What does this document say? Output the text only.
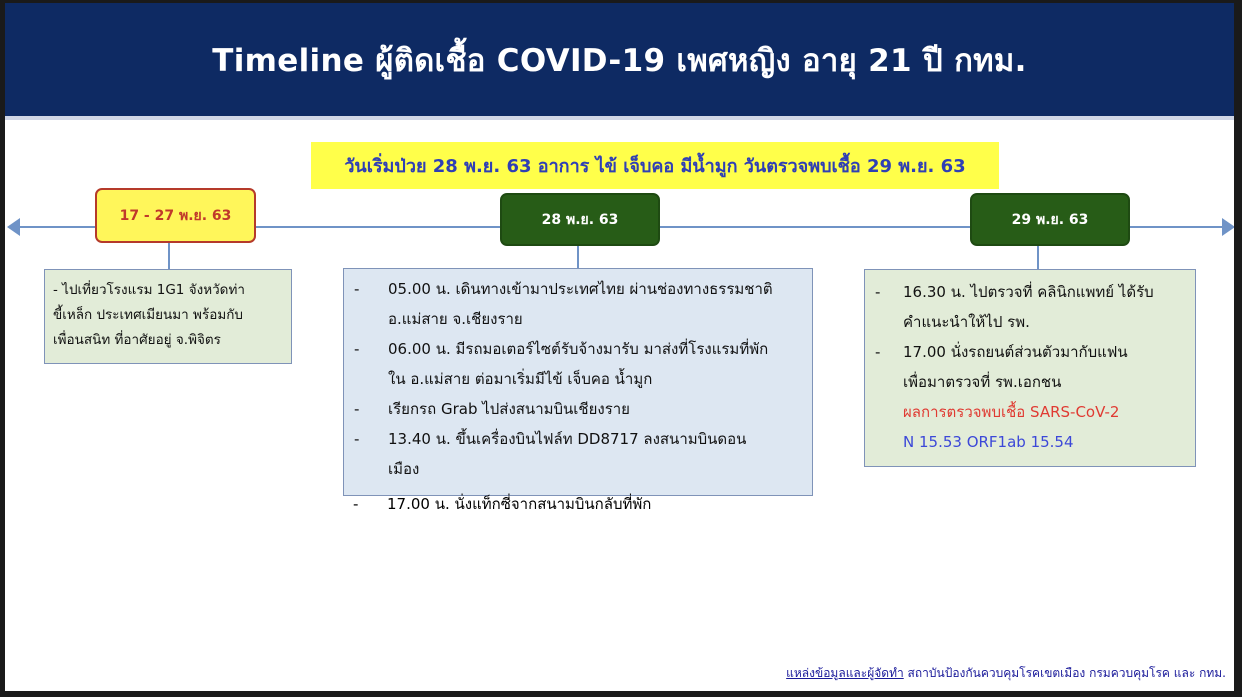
Timeline ผู้ติดเชื้อ COVID-19 เพศหญิง อายุ 21 ปี กทม.
วันเริ่มป่วย 28 พ.ย. 63 อาการ ไข้ เจ็บคอ มีน้ำมูก วันตรวจพบเชื้อ 29 พ.ย. 63
17 - 27 พ.ย. 63	28 พ.ย. 63	29 พ.ย. 63
- ไปเที่ยวโรงแรม 1G1 จังหวัดท่า
ขี้เหล็ก ประเทศเมียนมา พร้อมกับ
เพื่อนสนิท ที่อาศัยอยู่ จ.พิจิตร
- 05.00 น. เดินทางเข้ามาประเทศไทย ผ่านช่องทางธรรมชาติ
อ.แม่สาย จ.เชียงราย
- 06.00 น. มีรถมอเตอร์ไซต์รับจ้างมารับ มาส่งที่โรงแรมที่พัก
ใน อ.แม่สาย ต่อมาเริ่มมีไข้ เจ็บคอ น้ำมูก
- เรียกรถ Grab ไปส่งสนามบินเชียงราย
- 13.40 น. ขึ้นเครื่องบินไฟล์ท DD8717 ลงสนามบินดอน
เมือง
- 17.00 น. นั่งแท็กซี่จากสนามบินกลับที่พัก
- 16.30 น. ไปตรวจที่ คลินิกแพทย์ ได้รับ
คำแนะนำให้ไป รพ.
- 17.00 นั่งรถยนต์ส่วนตัวมากับแฟน
เพื่อมาตรวจที่ รพ.เอกชน
ผลการตรวจพบเชื้อ SARS-CoV-2
N 15.53 ORF1ab 15.54
แหล่งข้อมูลและผู้จัดทำ สถาบันป้องกันควบคุมโรคเขตเมือง กรมควบคุมโรค และ กทม.
